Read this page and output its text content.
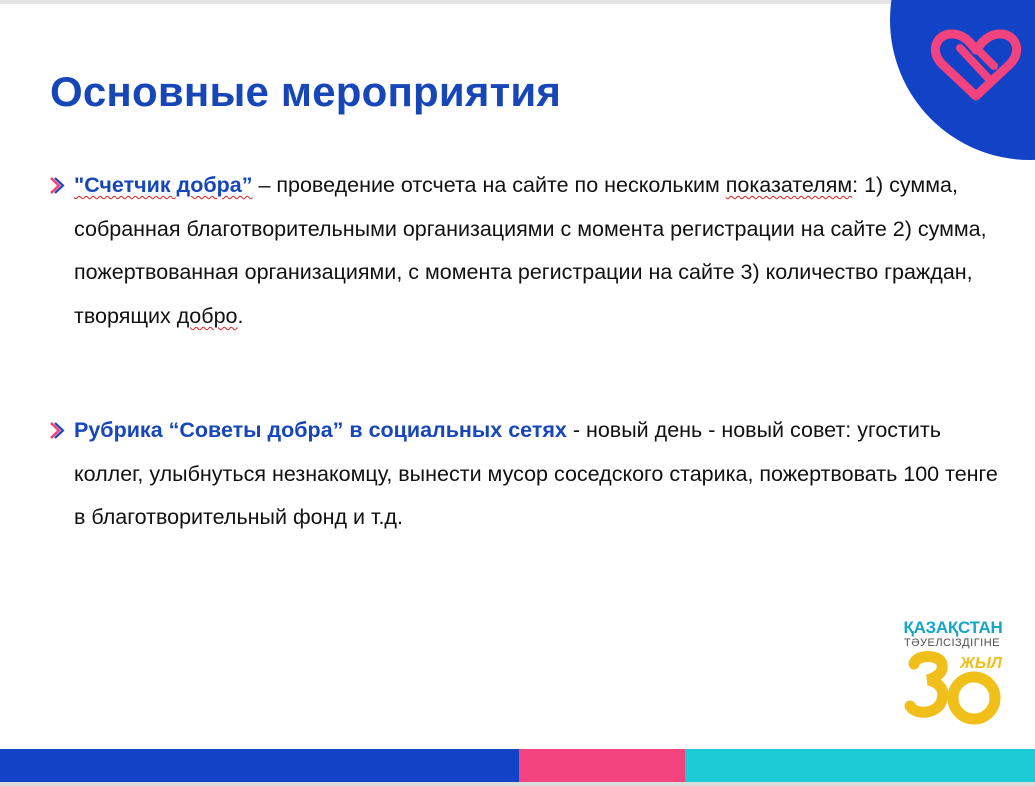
Основные мероприятия
"Счетчик добра” – проведение отсчета на сайте по нескольким показателям: 1) сумма, собранная благотворительными организациями с момента регистрации на сайте 2) сумма, пожертвованная организациями, с момента регистрации на сайте 3) количество граждан, творящих добро.
Рубрика “Советы добра” в социальных сетях - новый день - новый совет: угостить коллег, улыбнуться незнакомцу, вынести мусор соседского старика, пожертвовать 100 тенге в благотворительный фонд и т.д.
ҚАЗАҚСТАН
ТӘУЕЛСІЗДІГІНЕ
ЖЫЛ
